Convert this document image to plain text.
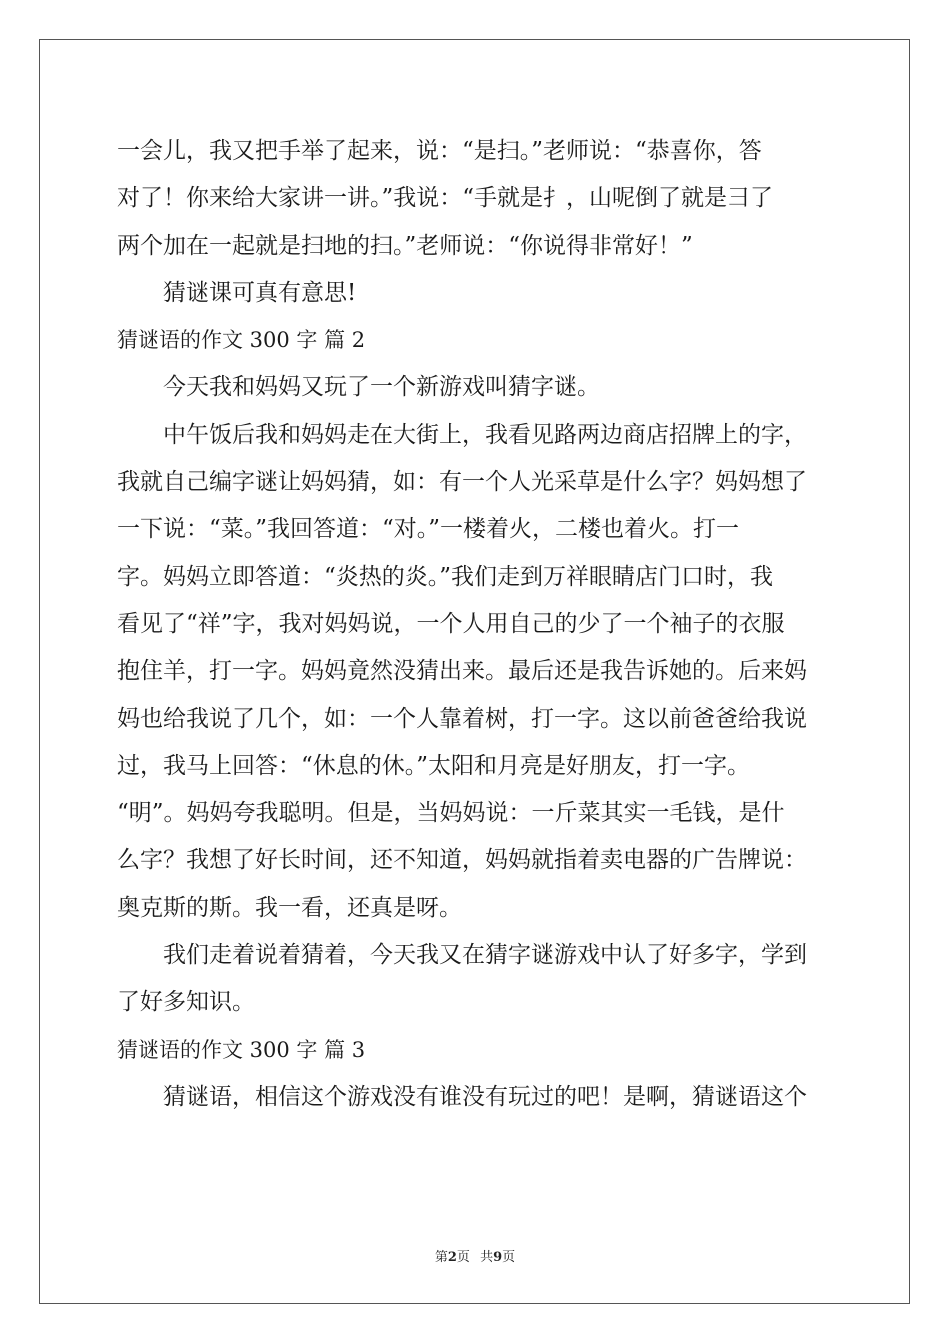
一会儿，我又把手举了起来，说：“是扫。”老师说：“恭喜你，答
对了！你来给大家讲一讲。”我说：“手就是扌，山呢倒了就是彐了
两个加在一起就是扫地的扫。”老师说：“你说得非常好！”
猜谜课可真有意思!
猜谜语的作文 300 字 篇 2
今天我和妈妈又玩了一个新游戏叫猜字谜。
中午饭后我和妈妈走在大街上，我看见路两边商店招牌上的字，
我就自己编字谜让妈妈猜，如：有一个人光采草是什么字？妈妈想了
一下说：“菜。”我回答道：“对。”一楼着火，二楼也着火。打一
字。妈妈立即答道：“炎热的炎。”我们走到万祥眼睛店门口时，我
看见了“祥”字，我对妈妈说，一个人用自己的少了一个袖子的衣服
抱住羊，打一字。妈妈竟然没猜出来。最后还是我告诉她的。后来妈
妈也给我说了几个，如：一个人靠着树，打一字。这以前爸爸给我说
过，我马上回答：“休息的休。”太阳和月亮是好朋友，打一字。
“明”。妈妈夸我聪明。但是，当妈妈说：一斤菜其实一毛钱，是什
么字？我想了好长时间，还不知道，妈妈就指着卖电器的广告牌说：
奥克斯的斯。我一看，还真是呀。
我们走着说着猜着，今天我又在猜字谜游戏中认了好多字，学到
了好多知识。
猜谜语的作文 300 字 篇 3
猜谜语，相信这个游戏没有谁没有玩过的吧！是啊，猜谜语这个
第2页 共9页
